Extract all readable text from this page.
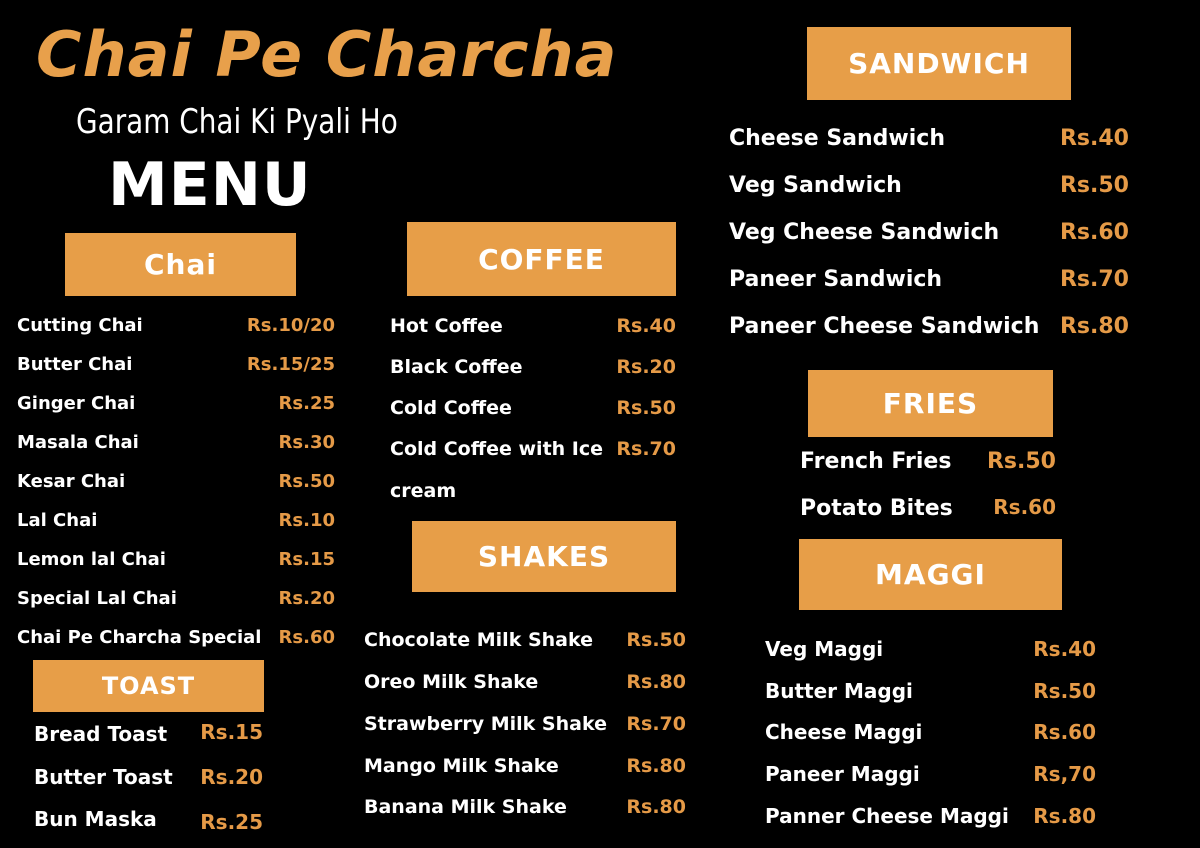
Chai Pe Charcha
Garam Chai Ki Pyali Ho
MENU
Chai
Cutting Chai	Rs.10/20
Butter Chai	Rs.15/25
Ginger Chai	Rs.25
Masala Chai	Rs.30
Kesar Chai	Rs.50
Lal Chai	Rs.10
Lemon lal Chai	Rs.15
Special Lal Chai	Rs.20
Chai Pe Charcha Special Rs.60
TOAST
Bread Toast Rs.15
Butter Toast Rs.20
Bun Maska Rs.25
COFFEE
Hot Coffee	Rs.40
Black Coffee	Rs.20
Cold Coffee	Rs.50
Cold Coffee with Ice Rs.70
cream
SHAKES
Chocolate Milk Shake Rs.50
Oreo Milk Shake	Rs.80
Strawberry Milk Shake Rs.70
Mango Milk Shake	Rs.80
Banana Milk Shake	Rs.80
SANDWICH
Cheese Sandwich	Rs.40
Veg Sandwich	Rs.50
Veg Cheese Sandwich	Rs.60
Paneer Sandwich	Rs.70
Paneer Cheese Sandwich Rs.80
FRIES
French Fries Rs.50
Potato Bites Rs.60
MAGGI
Veg Maggi	Rs.40
Butter Maggi	Rs.50
Cheese Maggi	Rs.60
Paneer Maggi	Rs,70
Panner Cheese Maggi Rs.80
